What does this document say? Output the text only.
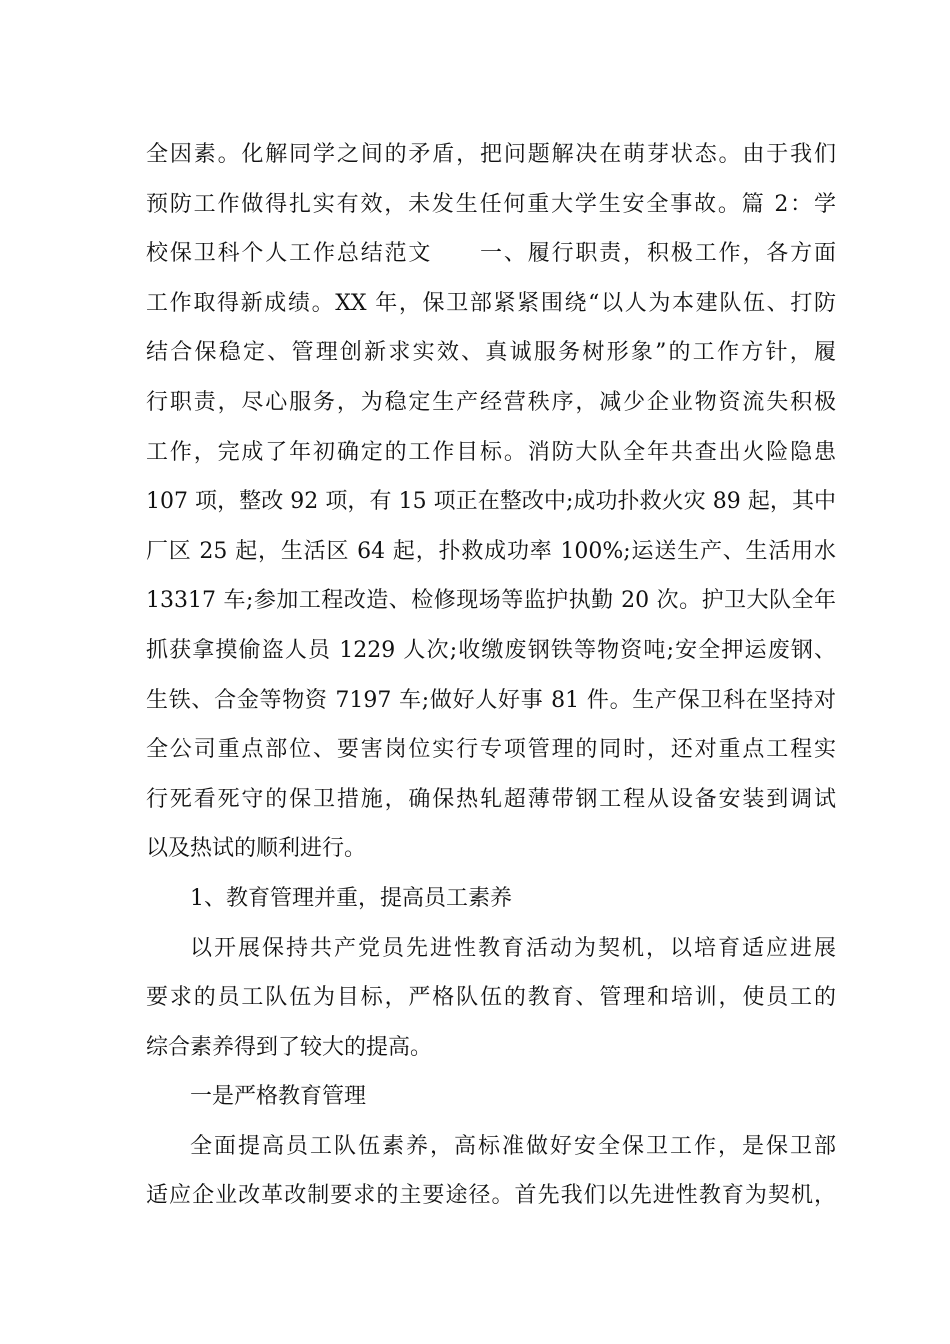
全因素。化解同学之间的矛盾，把问题解决在萌芽状态。由于我们
预防工作做得扎实有效，未发生任何重大学生安全事故。篇 2：学
校保卫科个人工作总结范文　　一、履行职责，积极工作，各方面
工作取得新成绩。XX 年，保卫部紧紧围绕“以人为本建队伍、打防
结合保稳定、管理创新求实效、真诚服务树形象”的工作方针，履
行职责，尽心服务，为稳定生产经营秩序，减少企业物资流失积极
工作，完成了年初确定的工作目标。消防大队全年共查出火险隐患
107 项，整改 92 项，有 15 项正在整改中;成功扑救火灾 89 起，其中
厂区 25 起，生活区 64 起，扑救成功率 100%;运送生产、生活用水
13317 车;参加工程改造、检修现场等监护执勤 20 次。护卫大队全年
抓获拿摸偷盗人员 1229 人次;收缴废钢铁等物资吨;安全押运废钢、
生铁、合金等物资 7197 车;做好人好事 81 件。生产保卫科在坚持对
全公司重点部位、要害岗位实行专项管理的同时，还对重点工程实
行死看死守的保卫措施，确保热轧超薄带钢工程从设备安装到调试
以及热试的顺利进行。
1、教育管理并重，提高员工素养
以开展保持共产党员先进性教育活动为契机，以培育适应进展
要求的员工队伍为目标，严格队伍的教育、管理和培训，使员工的
综合素养得到了较大的提高。
一是严格教育管理
全面提高员工队伍素养，高标准做好安全保卫工作，是保卫部
适应企业改革改制要求的主要途径。首先我们以先进性教育为契机，
